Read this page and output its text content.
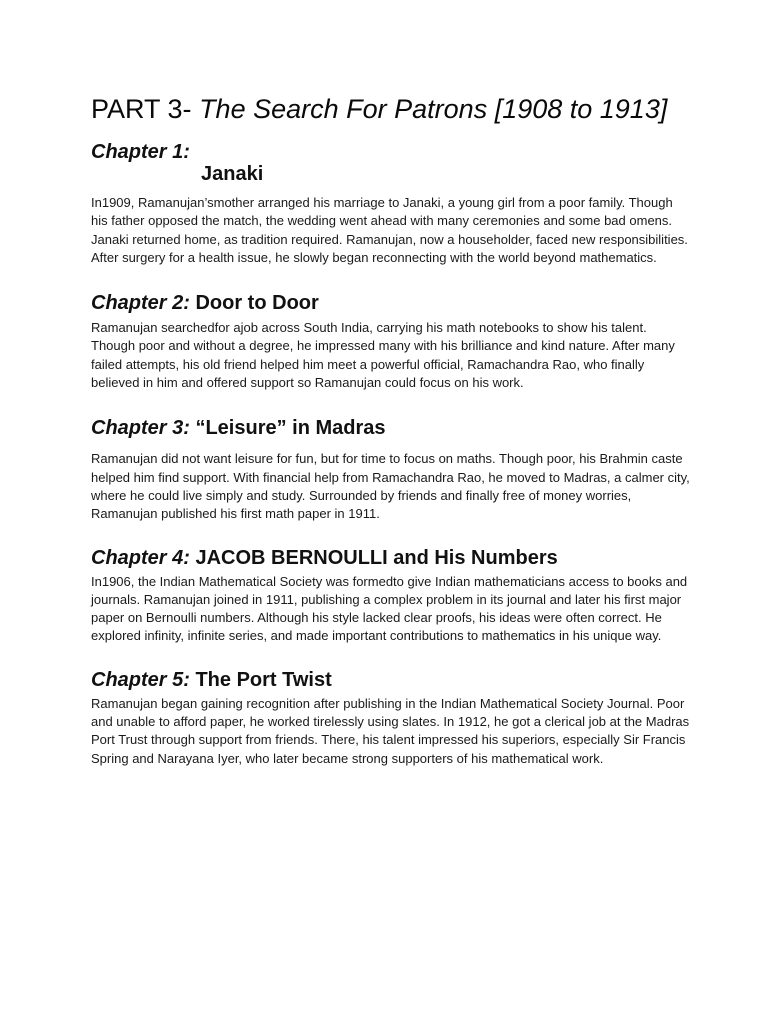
PART 3- The Search For Patrons [1908 to 1913]
Chapter 1:
Janaki

In1909, Ramanujan’smother arranged his marriage to Janaki, a young girl from a poor family. Though his father opposed the match, the wedding went ahead with many ceremonies and some bad omens. Janaki returned home, as tradition required. Ramanujan, now a householder, faced new responsibilities. After surgery for a health issue, he slowly began reconnecting with the world beyond mathematics.

Chapter 2: Door to Door

Ramanujan searchedfor ajob across South India, carrying his math notebooks to show his talent. Though poor and without a degree, he impressed many with his brilliance and kind nature. After many failed attempts, his old friend helped him meet a powerful official, Ramachandra Rao, who finally believed in him and offered support so Ramanujan could focus on his work.

Chapter 3: “Leisure” in Madras

Ramanujan did not want leisure for fun, but for time to focus on maths. Though poor, his Brahmin caste helped him find support. With financial help from Ramachandra Rao, he moved to Madras, a calmer city, where he could live simply and study. Surrounded by friends and finally free of money worries, Ramanujan published his first math paper in 1911.

Chapter 4: JACOB BERNOULLI and His Numbers

In1906, the Indian Mathematical Society was formedto give Indian mathematicians access to books and journals. Ramanujan joined in 1911, publishing a complex problem in its journal and later his first major paper on Bernoulli numbers. Although his style lacked clear proofs, his ideas were often correct. He explored infinity, infinite series, and made important contributions to mathematics in his unique way.

Chapter 5: The Port Twist

Ramanujan began gaining recognition after publishing in the Indian Mathematical Society Journal. Poor and unable to afford paper, he worked tirelessly using slates. In 1912, he got a clerical job at the Madras Port Trust through support from friends. There, his talent impressed his superiors, especially Sir Francis Spring and Narayana Iyer, who later became strong supporters of his mathematical work.
